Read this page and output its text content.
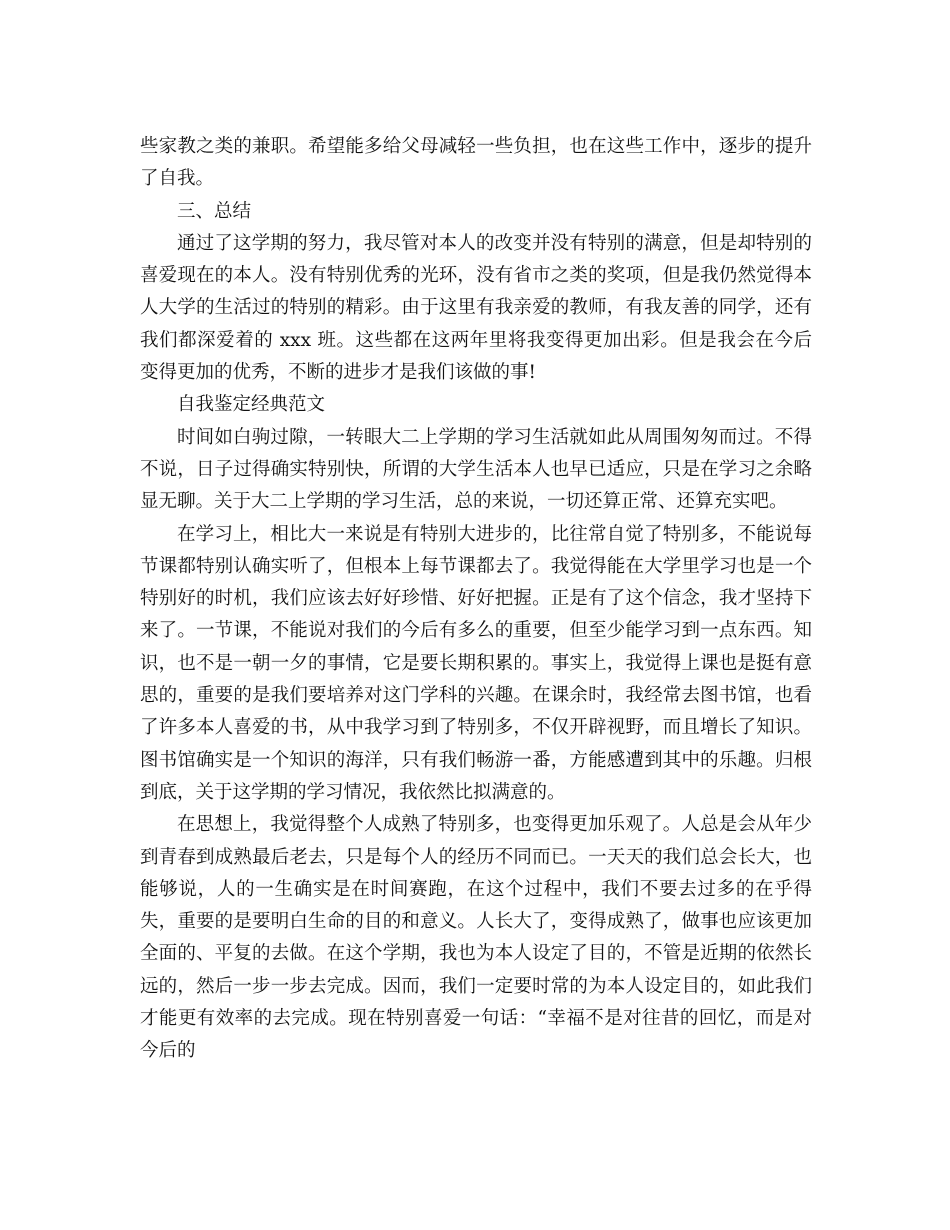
些家教之类的兼职。希望能多给父母减轻一些负担，也在这些工作中，逐步的提升了自我。

三、总结

通过了这学期的努力，我尽管对本人的改变并没有特别的满意，但是却特别的喜爱现在的本人。没有特别优秀的光环，没有省市之类的奖项，但是我仍然觉得本人大学的生活过的特别的精彩。由于这里有我亲爱的教师，有我友善的同学，还有我们都深爱着的 xxx 班。这些都在这两年里将我变得更加出彩。但是我会在今后变得更加的优秀，不断的进步才是我们该做的事!

自我鉴定经典范文

时间如白驹过隙，一转眼大二上学期的学习生活就如此从周围匆匆而过。不得不说，日子过得确实特别快，所谓的大学生活本人也早已适应，只是在学习之余略显无聊。关于大二上学期的学习生活，总的来说，一切还算正常、还算充实吧。

在学习上，相比大一来说是有特别大进步的，比往常自觉了特别多，不能说每节课都特别认确实听了，但根本上每节课都去了。我觉得能在大学里学习也是一个特别好的时机，我们应该去好好珍惜、好好把握。正是有了这个信念，我才坚持下来了。一节课，不能说对我们的今后有多么的重要，但至少能学习到一点东西。知识，也不是一朝一夕的事情，它是要长期积累的。事实上，我觉得上课也是挺有意思的，重要的是我们要培养对这门学科的兴趣。在课余时，我经常去图书馆，也看了许多本人喜爱的书，从中我学习到了特别多，不仅开辟视野，而且增长了知识。图书馆确实是一个知识的海洋，只有我们畅游一番，方能感遭到其中的乐趣。归根到底，关于这学期的学习情况，我依然比拟满意的。

在思想上，我觉得整个人成熟了特别多，也变得更加乐观了。人总是会从年少到青春到成熟最后老去，只是每个人的经历不同而已。一天天的我们总会长大，也能够说，人的一生确实是在时间赛跑，在这个过程中，我们不要去过多的在乎得失，重要的是要明白生命的目的和意义。人长大了，变得成熟了，做事也应该更加全面的、平复的去做。在这个学期，我也为本人设定了目的，不管是近期的依然长远的，然后一步一步去完成。因而，我们一定要时常的为本人设定目的，如此我们才能更有效率的去完成。现在特别喜爱一句话：“幸福不是对往昔的回忆，而是对今后的
